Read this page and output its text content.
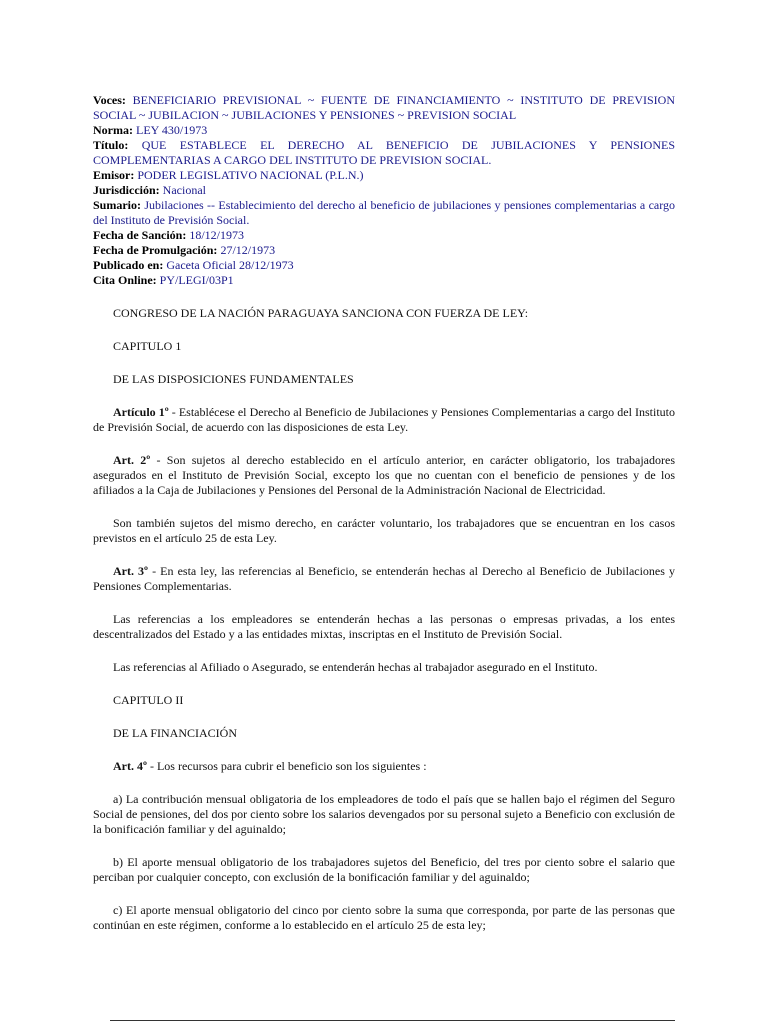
Voces: BENEFICIARIO PREVISIONAL ~ FUENTE DE FINANCIAMIENTO ~ INSTITUTO DE PREVISION SOCIAL ~ JUBILACION ~ JUBILACIONES Y PENSIONES ~ PREVISION SOCIAL

Norma: LEY 430/1973

Título: QUE ESTABLECE EL DERECHO AL BENEFICIO DE JUBILACIONES Y PENSIONES COMPLEMENTARIAS A CARGO DEL INSTITUTO DE PREVISION SOCIAL.

Emisor: PODER LEGISLATIVO NACIONAL (P.L.N.)

Jurisdicción: Nacional

Sumario: Jubilaciones -- Establecimiento del derecho al beneficio de jubilaciones y pensiones complementarias a cargo del Instituto de Previsión Social.

Fecha de Sanción: 18/12/1973

Fecha de Promulgación: 27/12/1973

Publicado en: Gaceta Oficial 28/12/1973

Cita Online: PY/LEGI/03P1

CONGRESO DE LA NACIÓN PARAGUAYA SANCIONA CON FUERZA DE LEY:

CAPITULO 1

DE LAS DISPOSICIONES FUNDAMENTALES

Artículo 1º - Establécese el Derecho al Beneficio de Jubilaciones y Pensiones Complementarias a cargo del Instituto de Previsión Social, de acuerdo con las disposiciones de esta Ley.

Art. 2º - Son sujetos al derecho establecido en el artículo anterior, en carácter obligatorio, los trabajadores asegurados en el Instituto de Previsión Social, excepto los que no cuentan con el beneficio de pensiones y de los afiliados a la Caja de Jubilaciones y Pensiones del Personal de la Administración Nacional de Electricidad.

Son también sujetos del mismo derecho, en carácter voluntario, los trabajadores que se encuentran en los casos previstos en el artículo 25 de esta Ley.

Art. 3º - En esta ley, las referencias al Beneficio, se entenderán hechas al Derecho al Beneficio de Jubilaciones y Pensiones Complementarias.

Las referencias a los empleadores se entenderán hechas a las personas o empresas privadas, a los entes descentralizados del Estado y a las entidades mixtas, inscriptas en el Instituto de Previsión Social.

Las referencias al Afiliado o Asegurado, se entenderán hechas al trabajador asegurado en el Instituto.

CAPITULO II

DE LA FINANCIACIÓN

Art. 4º - Los recursos para cubrir el beneficio son los siguientes :

a) La contribución mensual obligatoria de los empleadores de todo el país que se hallen bajo el régimen del Seguro Social de pensiones, del dos por ciento sobre los salarios devengados por su personal sujeto a Beneficio con exclusión de la bonificación familiar y del aguinaldo;

b) El aporte mensual obligatorio de los trabajadores sujetos del Beneficio, del tres por ciento sobre el salario que perciban por cualquier concepto, con exclusión de la bonificación familiar y del aguinaldo;

c) El aporte mensual obligatorio del cinco por ciento sobre la suma que corresponda, por parte de las personas que continúan en este régimen, conforme a lo establecido en el artículo 25 de esta ley;
